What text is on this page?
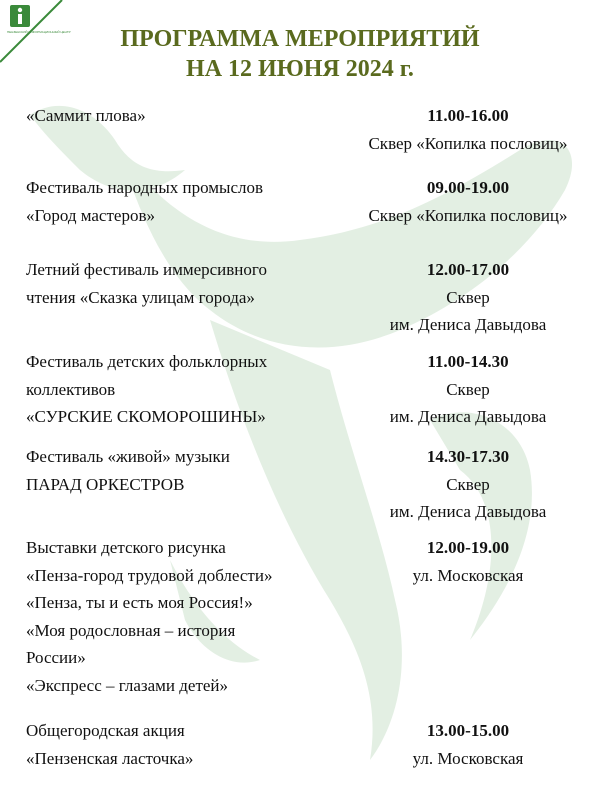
ПЕНЗЕНСКИЙ ИНФОРМАЦИОННЫЙ ЦЕНТР	ПРОГРАММА МЕРОПРИЯТИЙ
НА 12 ИЮНЯ 2024 г.
«Саммит плова»	11.00-16.00
Сквер «Копилка пословиц»
Фестиваль народных промыслов
«Город мастеров»
09.00-19.00
Сквер «Копилка пословиц»
Летний фестиваль иммерсивного
чтения «Сказка улицам города»
12.00-17.00
Сквер
им. Дениса Давыдова
Фестиваль детских фольклорных
коллективов
«СУРСКИЕ СКОМОРОШИНЫ»
11.00-14.30
Сквер
им. Дениса Давыдова
Фестиваль «живой» музыки
ПАРАД ОРКЕСТРОВ
14.30-17.30
Сквер
им. Дениса Давыдова
Выставки детского рисунка
«Пенза-город трудовой доблести»
«Пенза, ты и есть моя Россия!»
«Моя родословная – история
России»
«Экспресс – глазами детей»
12.00-19.00
ул. Московская
Общегородская акция
«Пензенская ласточка»
13.00-15.00
ул. Московская
